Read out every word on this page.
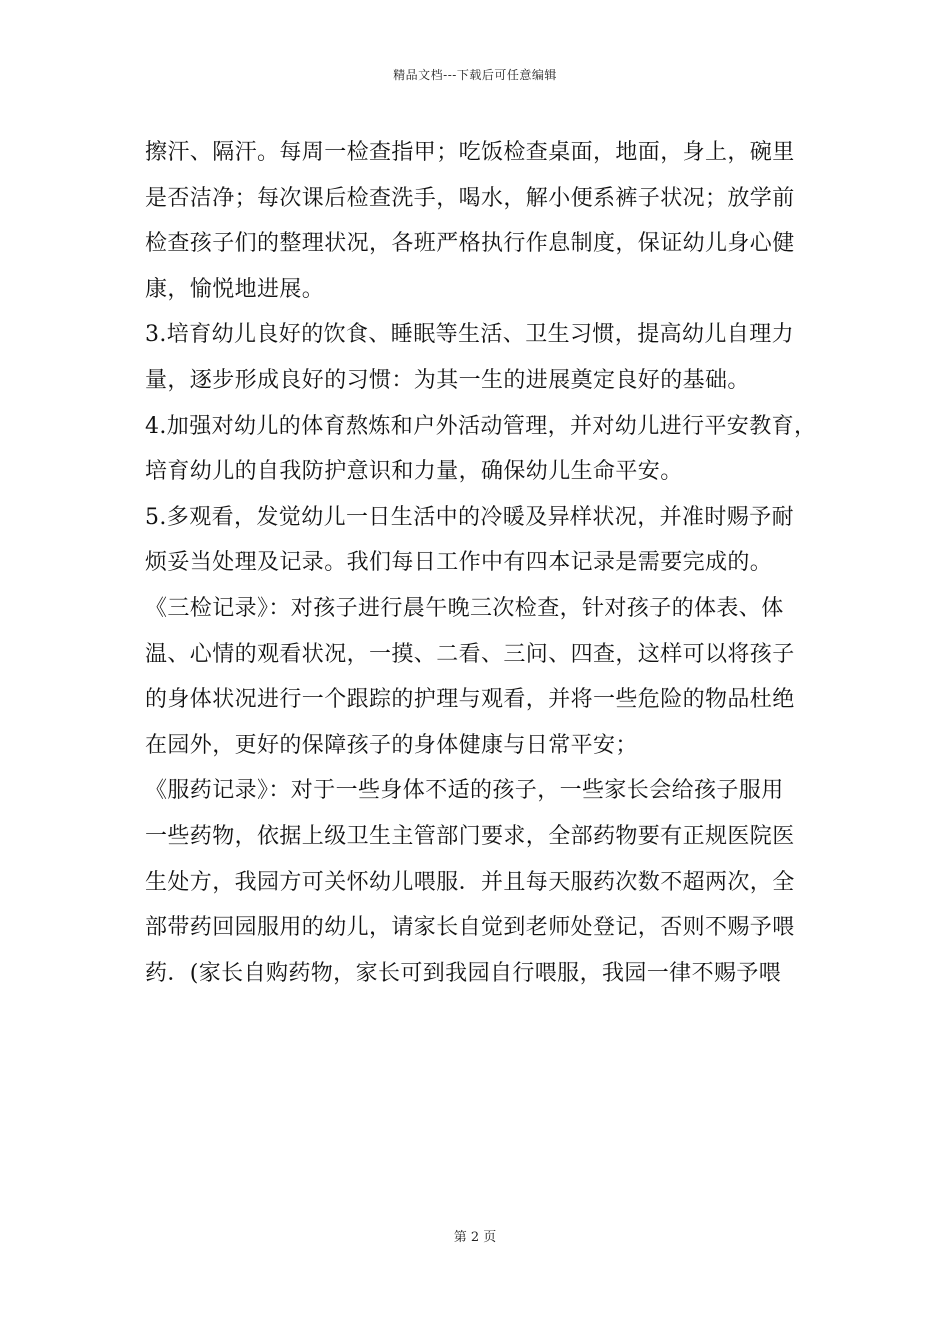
精品文档---下载后可任意编辑
擦汗、隔汗。每周一检查指甲；吃饭检查桌面，地面，身上，碗里
是否洁净；每次课后检查洗手，喝水，解小便系裤子状况；放学前
检查孩子们的整理状况，各班严格执行作息制度，保证幼儿身心健
康，愉悦地进展。
3.培育幼儿良好的饮食、睡眠等生活、卫生习惯，提高幼儿自理力
量，逐步形成良好的习惯：为其一生的进展奠定良好的基础。
4.加强对幼儿的体育熬炼和户外活动管理，并对幼儿进行平安教育，
培育幼儿的自我防护意识和力量，确保幼儿生命平安。
5.多观看，发觉幼儿一日生活中的冷暖及异样状况，并准时赐予耐
烦妥当处理及记录。我们每日工作中有四本记录是需要完成的。
《三检记录》：对孩子进行晨午晚三次检查，针对孩子的体表、体
温、心情的观看状况，一摸、二看、三问、四查，这样可以将孩子
的身体状况进行一个跟踪的护理与观看，并将一些危险的物品杜绝
在园外，更好的保障孩子的身体健康与日常平安；
《服药记录》：对于一些身体不适的孩子，一些家长会给孩子服用
一些药物，依据上级卫生主管部门要求，全部药物要有正规医院医
生处方，我园方可关怀幼儿喂服．并且每天服药次数不超两次，全
部带药回园服用的幼儿，请家长自觉到老师处登记，否则不赐予喂
药．(家长自购药物，家长可到我园自行喂服，我园一律不赐予喂
第 2 页
